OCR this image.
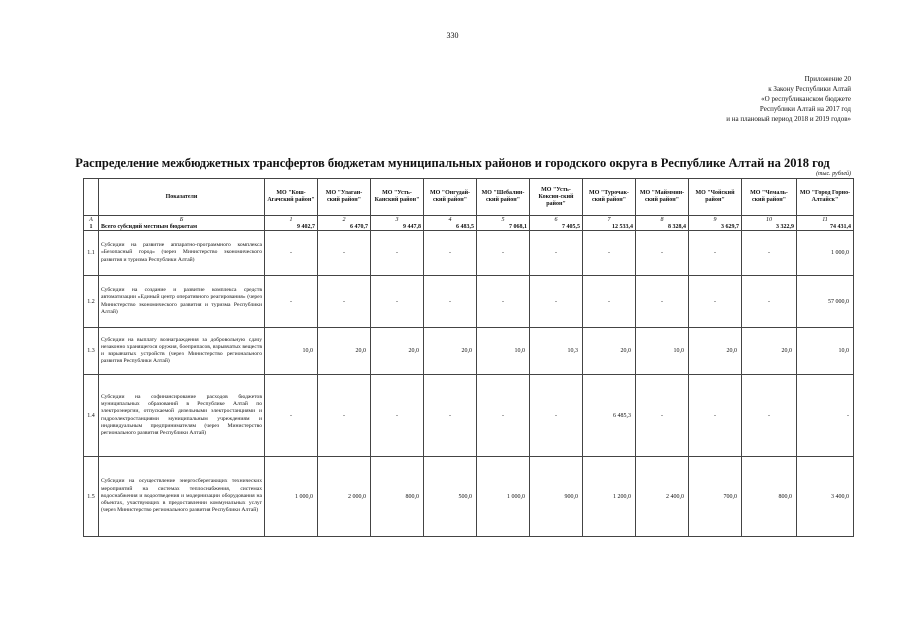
330
Приложение 20
к Закону Республики Алтай
«О республиканском бюджете
Республики Алтай на 2017 год
и на плановый период 2018 и 2019 годов»
Распределение межбюджетных трансфертов бюджетам муниципальных районов и городского округа в Республике Алтай на 2018 год
(тыс. рублей)
	Показатели	МО "Кош-Агачский район"	МО "Улаган-ский район"	МО "Усть-Канский район"	МО "Онгудай-ский район"	МО "Шебалин-ский район"	МО "Усть-Коксин-ский район"	МО "Турочак-ский район"	МО "Майммин-ский район"	МО "Чойский район"	МО "Чемаль-ский район"	МО "Город Горно-Алтайск"
А	Б	1	2	3	4	5	6	7	8	9	10	11
1	Всего субсидий местным бюджетам	9 402,7	6 470,7	9 447,8	6 483,5	7 068,1	7 405,5	12 533,4	8 328,4	3 629,7	3 322,9	74 431,4
1.1	Субсидии на развитие аппаратно-программного комплекса «Безопасный город» (через Министерство экономического развития и туризма Республики Алтай)	-	-	-	-	-	-	-	-	-	-	1 000,0
1.2	Субсидии на создание и развитие комплекса средств автоматизации «Единый центр оперативного реагирования» (через Министерство экономического развития и туризма Республики Алтай)	-	-	-	-	-	-	-	-	-	-	57 000,0
1.3	Субсидии на выплату вознаграждения за добровольную сдачу незаконно хранящегося оружия, боеприпасов, взрывчатых веществ и взрывчатых устройств (через Министерство регионального развития Республики Алтай)	10,0	20,0	20,0	20,0	10,0	10,3	20,0	10,0	20,0	20,0	10,0
1.4	Субсидии на софинансирование расходов бюджетов муниципальных образований в Республике Алтай по электроэнергии, отпускаемой дизельными электростанциями и гидроэлектростанциями муниципальным учреждениям и индивидуальным предпринимателям (через Министерство регионального развития Республики Алтай)	-	-	-	-	-	-	6 485,3	-	-	-	-
1.5	Субсидии на осуществление энергосберегающих технических мероприятий на системах теплоснабжения, системах водоснабжения и водоотведения и модернизации оборудования на объектах, участвующих в предоставлении коммунальных услуг (через Министерство регионального развития Республики Алтай)	1 000,0	2 000,0	800,0	500,0	1 000,0	900,0	1 200,0	2 400,0	700,0	800,0	3 400,0
